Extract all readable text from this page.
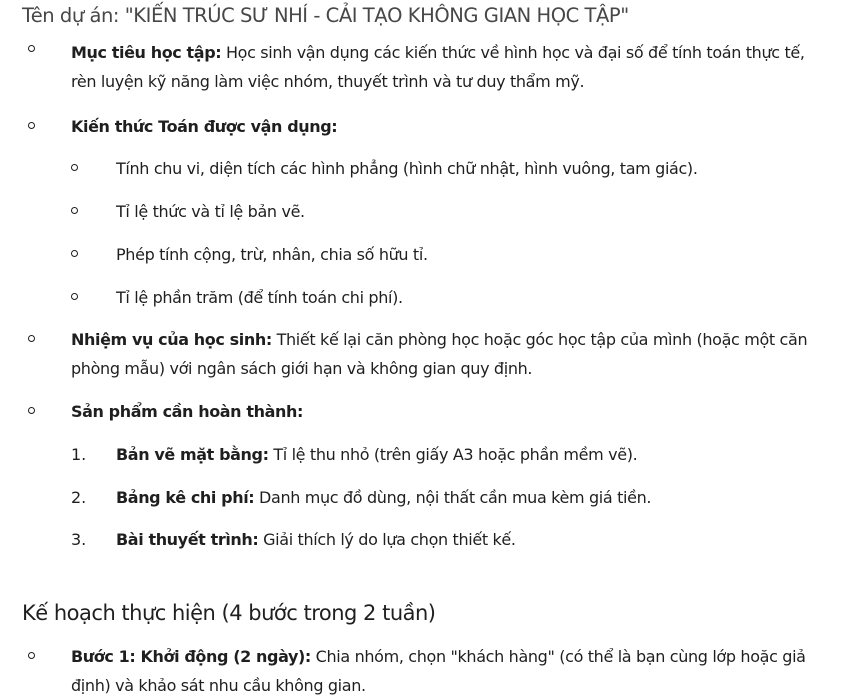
Tên dự án: "KIẾN TRÚC SƯ NHÍ - CẢI TẠO KHÔNG GIAN HỌC TẬP"
Mục tiêu học tập: Học sinh vận dụng các kiến thức về hình học và đại số để tính toán thực tế, rèn luyện kỹ năng làm việc nhóm, thuyết trình và tư duy thẩm mỹ.
Kiến thức Toán được vận dụng:
Tính chu vi, diện tích các hình phẳng (hình chữ nhật, hình vuông, tam giác).
Tỉ lệ thức và tỉ lệ bản vẽ.
Phép tính cộng, trừ, nhân, chia số hữu tỉ.
Tỉ lệ phần trăm (để tính toán chi phí).
Nhiệm vụ của học sinh: Thiết kế lại căn phòng học hoặc góc học tập của mình (hoặc một căn phòng mẫu) với ngân sách giới hạn và không gian quy định.
Sản phẩm cần hoàn thành:
1. Bản vẽ mặt bằng: Tỉ lệ thu nhỏ (trên giấy A3 hoặc phần mềm vẽ).
2. Bảng kê chi phí: Danh mục đồ dùng, nội thất cần mua kèm giá tiền.
3. Bài thuyết trình: Giải thích lý do lựa chọn thiết kế.
Kế hoạch thực hiện (4 bước trong 2 tuần)
Bước 1: Khởi động (2 ngày): Chia nhóm, chọn "khách hàng" (có thể là bạn cùng lớp hoặc giả định) và khảo sát nhu cầu không gian.
